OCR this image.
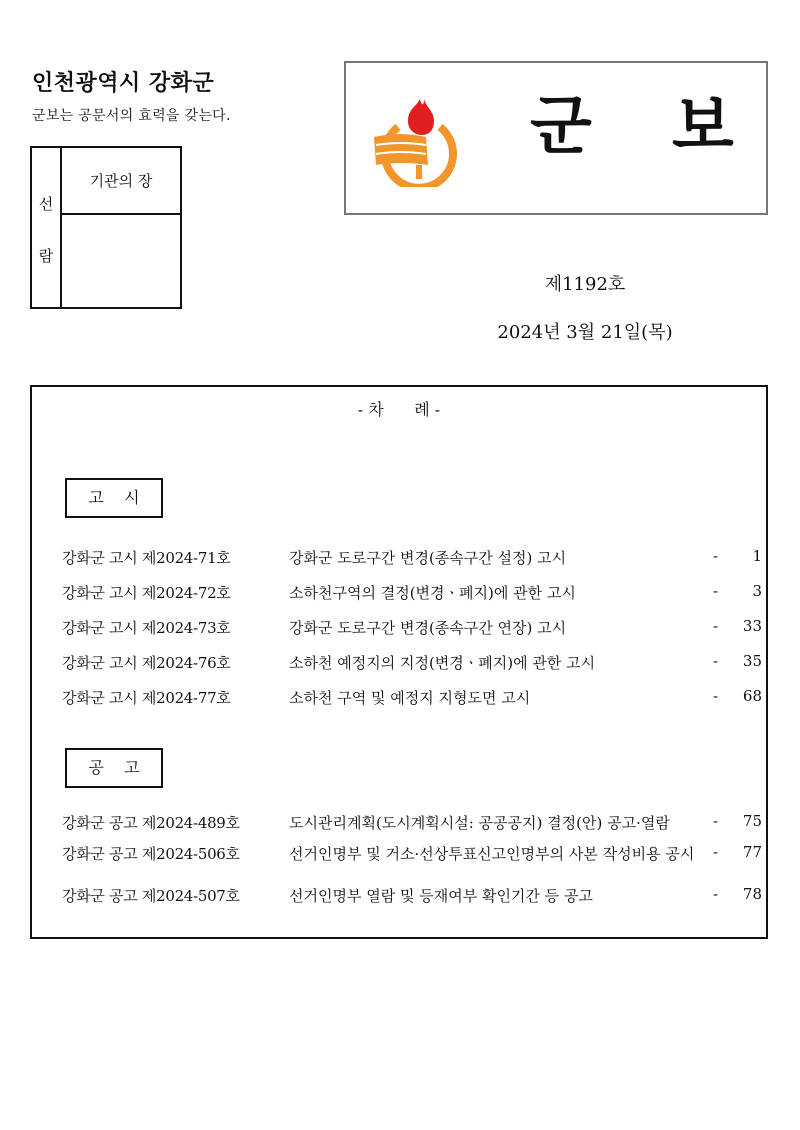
인천광역시 강화군
군보는 공문서의 효력을 갖는다.
선
람
기관의 장
군 보
제1192호
2024년 3월 21일(목)
- 차      례 -
고    시
강화군 고시 제2024-71호	강화군 도로구간 변경(종속구간 설정) 고시	-	1
강화군 고시 제2024-72호	소하천구역의 결정(변경ㆍ폐지)에 관한 고시	-	3
강화군 고시 제2024-73호	강화군 도로구간 변경(종속구간 연장) 고시	-	33
강화군 고시 제2024-76호	소하천 예정지의 지정(변경ㆍ폐지)에 관한 고시	-	35
강화군 고시 제2024-77호	소하천 구역 및 예정지 지형도면 고시	-	68
공    고
강화군 공고 제2024-489호	도시관리계획(도시계획시설: 공공공지) 결정(안) 공고·열람	-	75
강화군 공고 제2024-506호	선거인명부 및 거소·선상투표신고인명부의 사본 작성비용 공시	-	77
강화군 공고 제2024-507호	선거인명부 열람 및 등재여부 확인기간 등 공고	-	78
